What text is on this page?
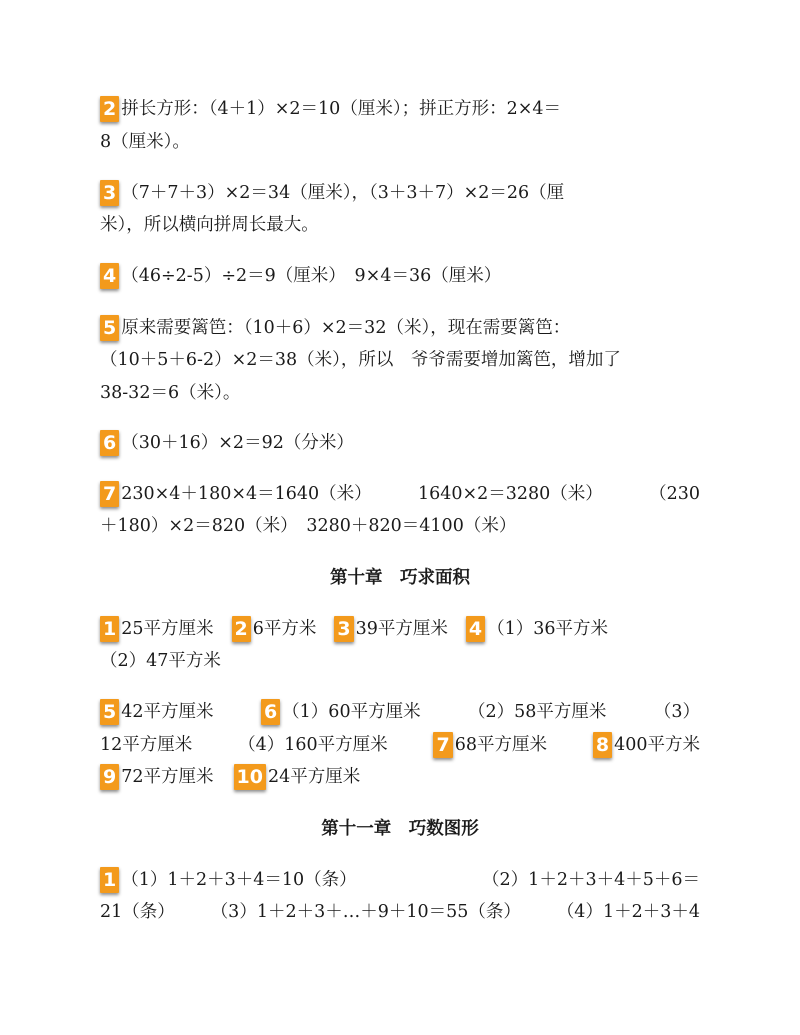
2 拼长方形：（4＋1）×2＝10（厘米）；拼正方形：2×4＝
8（厘米）。
3 （7＋7＋3）×2＝34（厘米），（3＋3＋7）×2＝26（厘
米），所以横向拼周长最大。
4 （46÷2-5）÷2＝9（厘米）　9×4＝36（厘米）
5 原来需要篱笆：（10＋6）×2＝32（米），现在需要篱笆：
（10＋5＋6-2）×2＝38（米），所以　爷爷需要增加篱笆，增加了
38-32＝6（米）。
6 （30＋16）×2＝92（分米）
7 230×4＋180×4＝1640（米）	1640×2＝3280（米）	（230
＋180）×2＝820（米）　3280＋820＝4100（米）
第十章　巧求面积
1 25平方厘米 2 6平方米 3 39平方厘米 4 （1）36平方米
（2）47平方米
5 42平方厘米	6 （1）60平方厘米	（2）58平方厘米	（3）
12平方厘米	（4）160平方厘米	7 68平方厘米	8 400平方米
9 72平方厘米 10 24平方厘米
第十一章　巧数图形
1 （1）1＋2＋3＋4＝10（条）	（2）1＋2＋3＋4＋5＋6＝
21（条） （3）1＋2＋3＋…＋9＋10＝55（条） （4）1＋2＋3＋4
